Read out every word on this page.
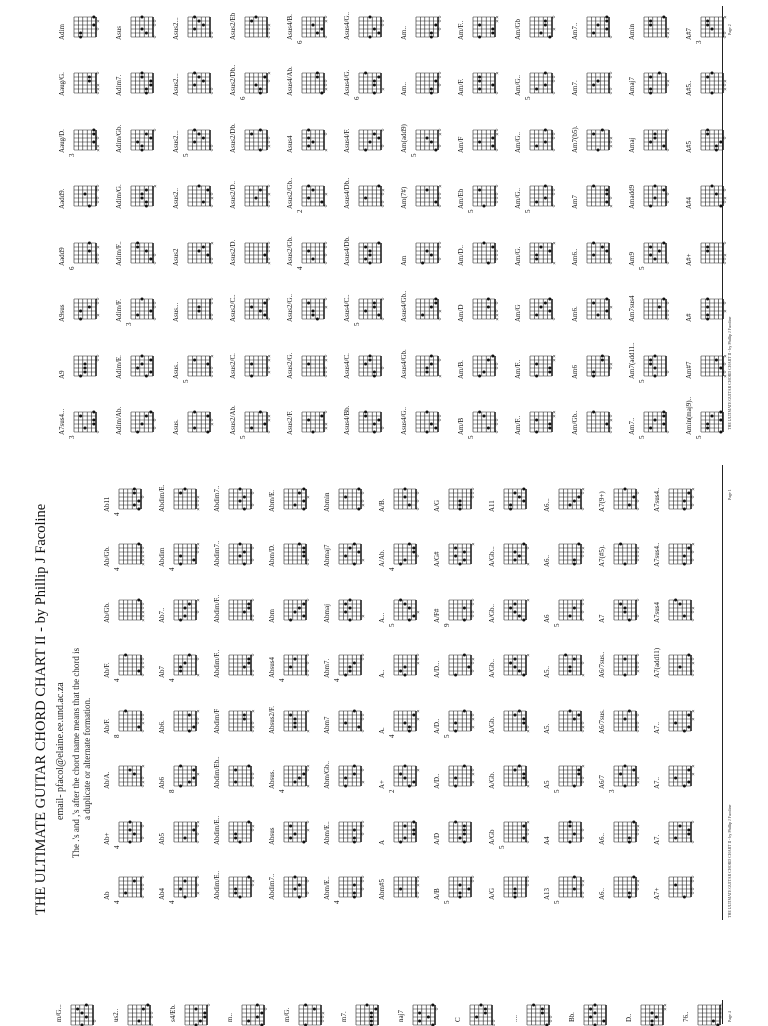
Ab
4
Ab+
4
Ab/A.
×
×
Ab/F.	×
8
Ab/F.	×
4
Ab/Gb.	×
×
×
Ab/Gb.	×
×
×
4
Ab11
4
Ab4	×
4
Ab5
×
Ab6
×
8
Ab6.
×
Ab7	×
4
Ab7..
×
Abdim
×
4
Abdim/E.	×
×
Abdim/E..	×
Abdim/E..	×
Abdim/Eb..
Abdim/F	×
×
Abdim/F..
Abdim/F..
Abdim7..
Abdim7..
Abdim7..
Absus	×
Absus.
×
×
4
Absus2/F.	×
×
Absus4
4
Abm
Abm/D.
Abm/E.	×
Abm/E..
4
Abm/E..
Abm/Gb..	×
Abm7
Abm7.
4
Abmaj	×
Abmaj7	×
Abmin	×
Abm#5
×
×
A
A+
×
2
A.
×
×
4
A..
×
A...
×
5
A/Ab.
4
A/B.
A/B
5
A/D
A/D..	×
×
A/D..	×
×
5
A/D...
×
A/F#
9
A/G#
×
A/G
A/G
A/Gb
×
5
A/Gb.	×
A/Gb.	×
A/Gb..
×
A/Gb..
×
A/Gb...	×
A11
A13
×
5
A4
A5
×
5
A5.	×
A5..	×
A6
5
A6..
×
A6...
×
A6..
×
A6..
×
A6/7	×
×
3
A6/7sus.
A6/7sus..	×
A7
A7(#5).	×
A7(9+)
A7+
A7.
A7..
×
×
A7..
×
×
A7(add11)	×
A7sus4	×
A7sus4..	×
A7sus4..	×
A7sus4...
3
A9
A9sus	×
Aadd9
×
6
Aadd9.
Aaug/D.	×
×
3
Aaug/G.	×
×
Adim
×
Adim/Ab.
Adim/E.
Adim/F.
3
Adim/F..
Adim/G.	×
Adim/Gb.
Adim7.
Asus
Asus.	×
Asus..
×
5
Asus...
Asus2
×
Asus2..	×
Asus2...
5
Asus2...
Asus2...
Asus2/Ab.	×
×
5
Asus2/C.	×
×
×
Asus2/C..
Asus2/D.	×
Asus2/D..	×
Asus2/Db.	×
Asus2/Db..	×
6
Asus2/Eb	×
Asus2/F.	×
×
Asus2/G.	×
Asus2/G..	×
Asus2/Gb.
4
Asus2/Gb..	×
2
Asus4	×
Asus4/Ab.	×
Asus4/B.	×
6
Asus4/Bb.
Asus4/C.
Asus4/C..
5
Asus4/Db.
Asus4/Db..	×
Asus4/F.
Asus4/G.	×
6
Asus4/G..
Asus4/G..
Asus4/Gb.	×
Asus4/Gb..	×
Am
Am(7#)
×
Am(add9)	×
5
Am..
Am..
Am/B
5
Am/B.
Am/D	×
×
Am/D..
Am/Eb
5
Am/F
×
Am/F.
×
Am/F..
×
×
Am/F..
×
×
Am/F..
×
×
Am/G
Am/G.
×
×
Am/G..
5
Am/G..
Am/G..
5
Am/Gb	×
Am/Gb..	×
Am6
×
Am6.	×
Am6..
Am7	×
Am7(b5).	×
×
Am7.
Am7..
Am7..
5
Am7(add11..
5
Am7sus4
Am9
5
Amadd9
Amaj
Amaj7	×
Amin	×
×
Amin(maj9)..
5
Am#7
×
×
A#
×
A#+	×
A#4	×
A#5
A#5..	×
×
A#7
×
3
m/G...	us2..	s4/Eb.	m..	m/G.	× m7.	naj7	C	....	Bb.	D..
×
×
76..
THE ULTIMATE GUITAR CHORD CHART II - by Phillip J Facoline email- pfacol@elaine.ee.und.ac.za The .'s and ,'s after the chord name means that the chord is a duplicate or alternate formation.
THE ULTIMATE GUITAR CHORD CHART II - by Phillip J Facoline
Page 1
THE ULTIMATE GUITAR CHORD CHART II - by Phillip J Facoline
Page 2
Page 4
